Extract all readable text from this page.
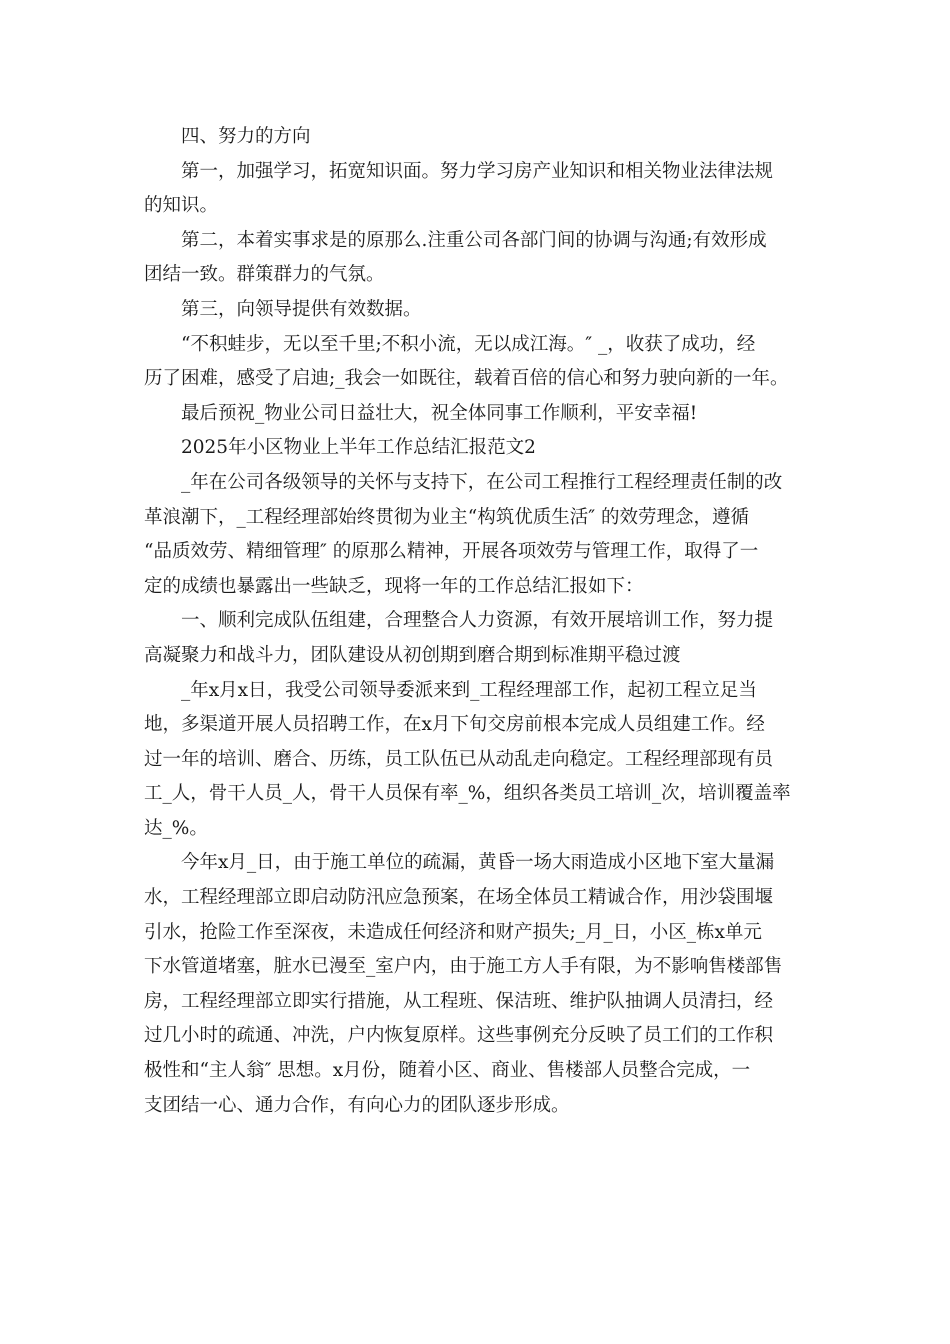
四、努力的方向
第一，加强学习，拓宽知识面。努力学习房产业知识和相关物业法律法规
的知识。
第二，本着实事求是的原那么.注重公司各部门间的协调与沟通;有效形成
团结一致。群策群力的气氛。
第三，向领导提供有效数据。
“不积蛙步，无以至千里;不积小流，无以成江海。″ _，收获了成功，经
历了困难，感受了启迪;_我会一如既往，载着百倍的信心和努力驶向新的一年。
最后预祝_物业公司日益壮大，祝全体同事工作顺利，平安幸福!
2025年小区物业上半年工作总结汇报范文2
_年在公司各级领导的关怀与支持下，在公司工程推行工程经理责任制的改
革浪潮下，_工程经理部始终贯彻为业主“构筑优质生活″ 的效劳理念，遵循
“品质效劳、精细管理″ 的原那么精神，开展各项效劳与管理工作，取得了一
定的成绩也暴露出一些缺乏，现将一年的工作总结汇报如下：
一、顺利完成队伍组建，合理整合人力资源，有效开展培训工作，努力提
高凝聚力和战斗力，团队建设从初创期到磨合期到标准期平稳过渡
_年x月x日，我受公司领导委派来到_工程经理部工作，起初工程立足当
地，多渠道开展人员招聘工作，在x月下旬交房前根本完成人员组建工作。经
过一年的培训、磨合、历练，员工队伍已从动乱走向稳定。工程经理部现有员
工_人，骨干人员_人，骨干人员保有率_%，组织各类员工培训_次，培训覆盖率
达_%。
今年x月_日，由于施工单位的疏漏，黄昏一场大雨造成小区地下室大量漏
水，工程经理部立即启动防汛应急预案，在场全体员工精诚合作，用沙袋围堰
引水，抢险工作至深夜，未造成任何经济和财产损失;_月_日，小区_栋x单元
下水管道堵塞，脏水已漫至_室户内，由于施工方人手有限，为不影响售楼部售
房，工程经理部立即实行措施，从工程班、保洁班、维护队抽调人员清扫，经
过几小时的疏通、冲洗，户内恢复原样。这些事例充分反映了员工们的工作积
极性和“主人翁″ 思想。x月份，随着小区、商业、售楼部人员整合完成，一
支团结一心、通力合作，有向心力的团队逐步形成。
